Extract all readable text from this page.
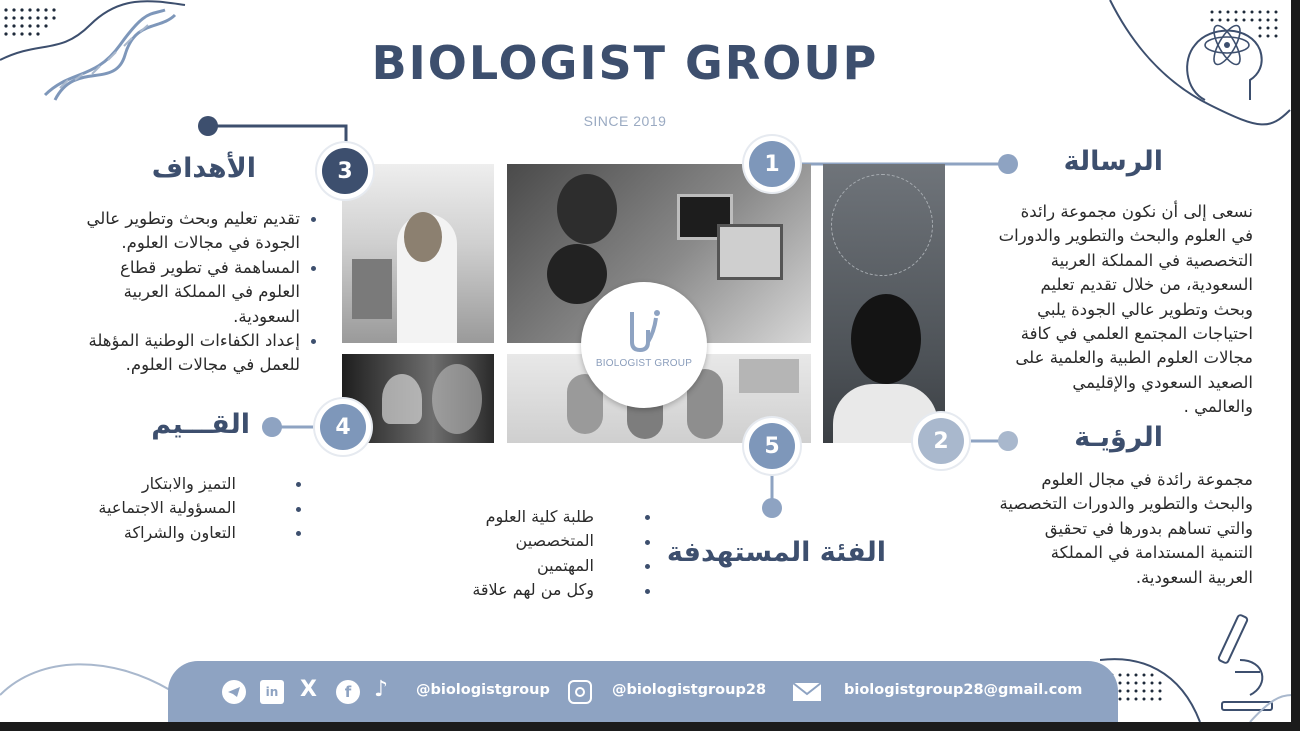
BIOLOGIST GROUP
SINCE 2019
BIOLOGIST GROUP
1
2
3
4
5
الرسالة
نسعى إلى أن نكون مجموعة رائدة
في العلوم والبحث والتطوير والدورات
التخصصية في المملكة العربية
السعودية، من خلال تقديم تعليم
وبحث وتطوير عالي الجودة يلبي
احتياجات المجتمع العلمي في كافة
مجالات العلوم الطبية والعلمية على
الصعيد السعودي والإقليمي
والعالمي .
الرؤيـة
مجموعة رائدة في مجال العلوم
والبحث والتطوير والدورات التخصصية
والتي تساهم بدورها في تحقيق
التنمية المستدامة في المملكة
العربية السعودية.
الأهداف
تقديم تعليم وبحث وتطوير عالي
الجودة في مجالات العلوم.
المساهمة في تطوير قطاع
العلوم في المملكة العربية
السعودية.
إعداد الكفاءات الوطنية المؤهلة
للعمل في مجالات العلوم.
القـــيم
التميز والابتكار
المسؤولية الاجتماعية
التعاون والشراكة
الفئة المستهدفة
طلبة كلية العلوم
المتخصصين
المهتمين
وكل من لهم علاقة
in X	f	♪ @biologistgroup	@biologistgroup28	biologistgroup28@gmail.com
